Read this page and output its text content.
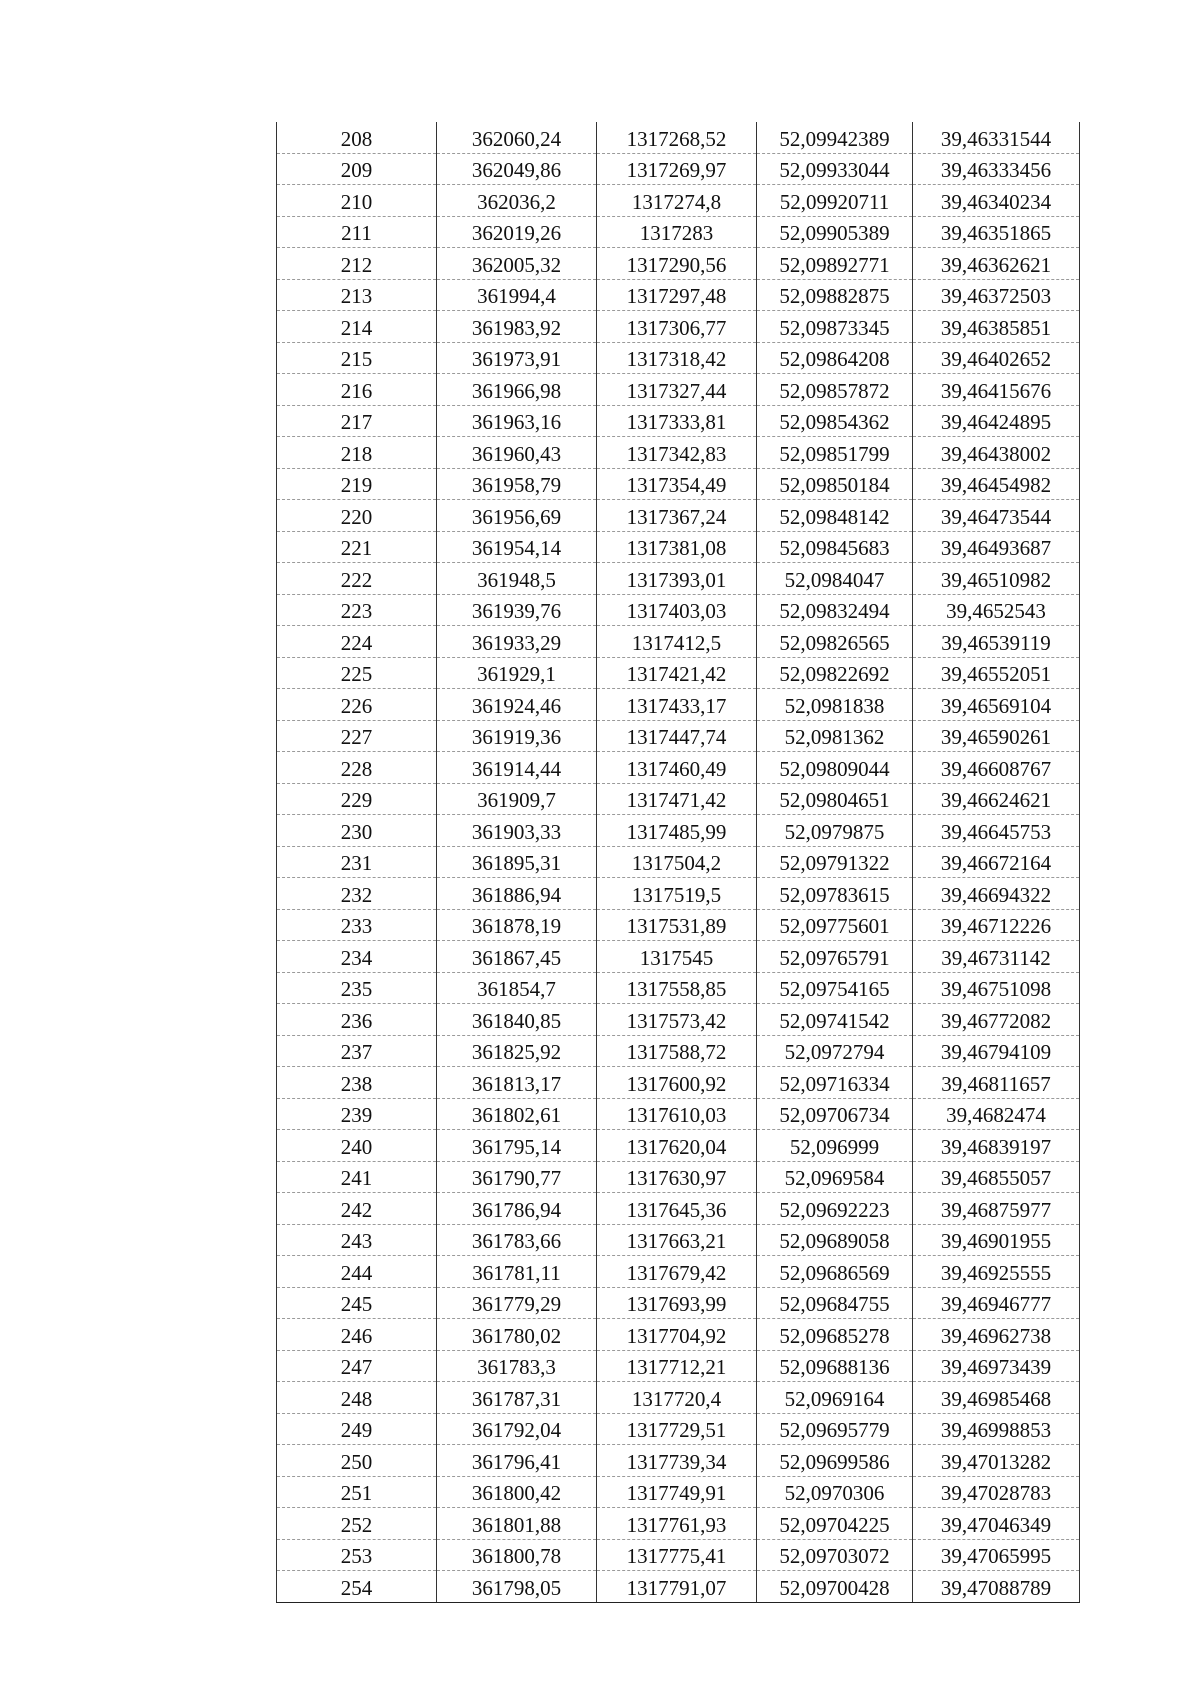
208	362060,24	1317268,52	52,09942389	39,46331544
209	362049,86	1317269,97	52,09933044	39,46333456
210	362036,2	1317274,8	52,09920711	39,46340234
211	362019,26	1317283	52,09905389	39,46351865
212	362005,32	1317290,56	52,09892771	39,46362621
213	361994,4	1317297,48	52,09882875	39,46372503
214	361983,92	1317306,77	52,09873345	39,46385851
215	361973,91	1317318,42	52,09864208	39,46402652
216	361966,98	1317327,44	52,09857872	39,46415676
217	361963,16	1317333,81	52,09854362	39,46424895
218	361960,43	1317342,83	52,09851799	39,46438002
219	361958,79	1317354,49	52,09850184	39,46454982
220	361956,69	1317367,24	52,09848142	39,46473544
221	361954,14	1317381,08	52,09845683	39,46493687
222	361948,5	1317393,01	52,0984047	39,46510982
223	361939,76	1317403,03	52,09832494	39,4652543
224	361933,29	1317412,5	52,09826565	39,46539119
225	361929,1	1317421,42	52,09822692	39,46552051
226	361924,46	1317433,17	52,0981838	39,46569104
227	361919,36	1317447,74	52,0981362	39,46590261
228	361914,44	1317460,49	52,09809044	39,46608767
229	361909,7	1317471,42	52,09804651	39,46624621
230	361903,33	1317485,99	52,0979875	39,46645753
231	361895,31	1317504,2	52,09791322	39,46672164
232	361886,94	1317519,5	52,09783615	39,46694322
233	361878,19	1317531,89	52,09775601	39,46712226
234	361867,45	1317545	52,09765791	39,46731142
235	361854,7	1317558,85	52,09754165	39,46751098
236	361840,85	1317573,42	52,09741542	39,46772082
237	361825,92	1317588,72	52,0972794	39,46794109
238	361813,17	1317600,92	52,09716334	39,46811657
239	361802,61	1317610,03	52,09706734	39,4682474
240	361795,14	1317620,04	52,096999	39,46839197
241	361790,77	1317630,97	52,0969584	39,46855057
242	361786,94	1317645,36	52,09692223	39,46875977
243	361783,66	1317663,21	52,09689058	39,46901955
244	361781,11	1317679,42	52,09686569	39,46925555
245	361779,29	1317693,99	52,09684755	39,46946777
246	361780,02	1317704,92	52,09685278	39,46962738
247	361783,3	1317712,21	52,09688136	39,46973439
248	361787,31	1317720,4	52,0969164	39,46985468
249	361792,04	1317729,51	52,09695779	39,46998853
250	361796,41	1317739,34	52,09699586	39,47013282
251	361800,42	1317749,91	52,0970306	39,47028783
252	361801,88	1317761,93	52,09704225	39,47046349
253	361800,78	1317775,41	52,09703072	39,47065995
254	361798,05	1317791,07	52,09700428	39,47088789
